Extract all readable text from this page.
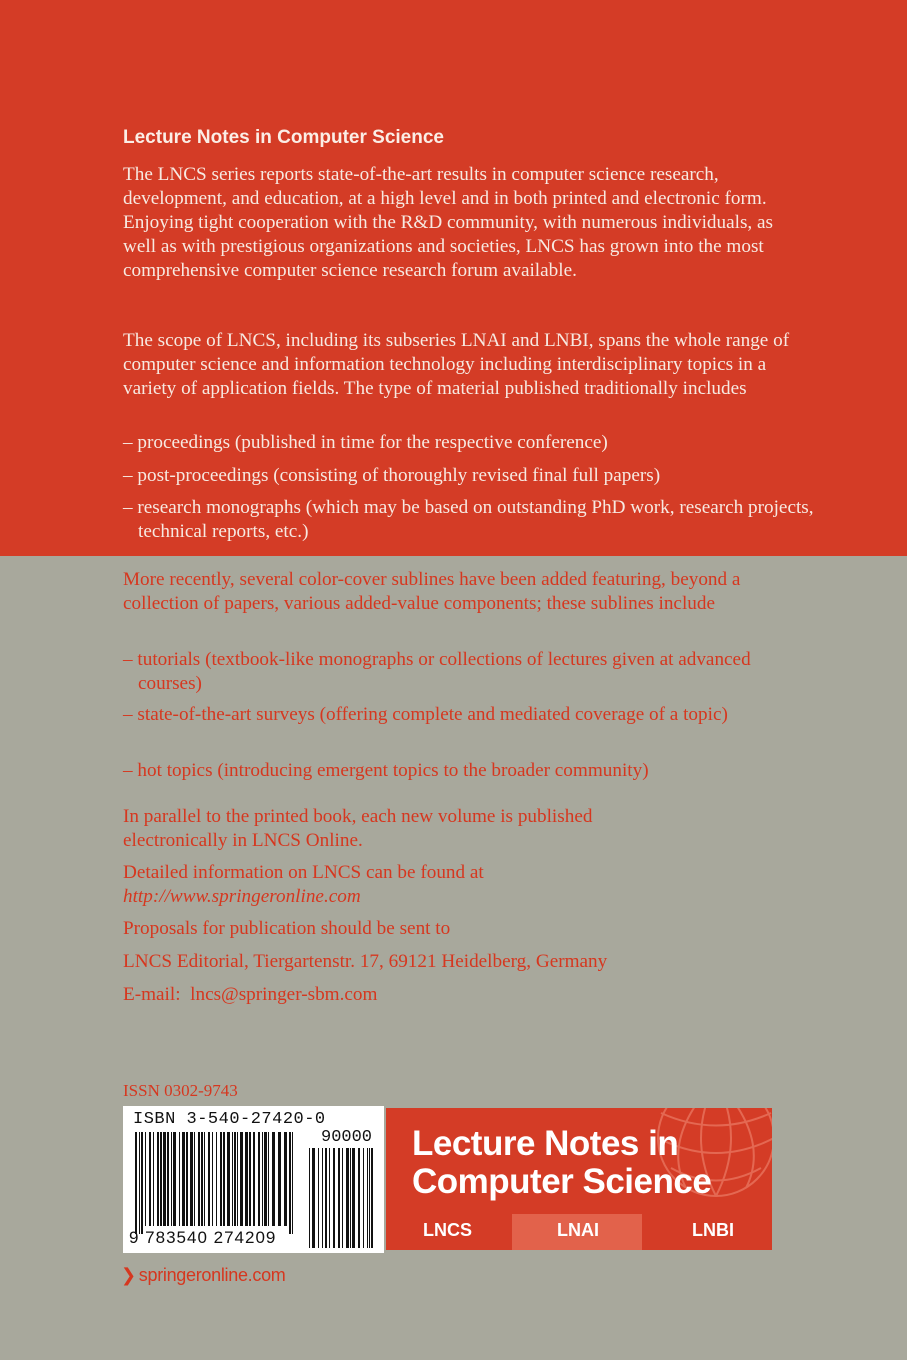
Lecture Notes in Computer Science
The LNCS series reports state-of-the-art results in computer science research, development, and education, at a high level and in both printed and electronic form. Enjoying tight cooperation with the R&D community, with numerous individuals, as well as with prestigious organizations and societies, LNCS has grown into the most comprehensive computer science research forum available.
The scope of LNCS, including its subseries LNAI and LNBI, spans the whole range of computer science and information technology including interdisciplinary topics in a variety of application fields. The type of material published traditionally includes
– proceedings (published in time for the respective conference)
– post-proceedings (consisting of thoroughly revised final full papers)
– research monographs (which may be based on outstanding PhD work, research projects, technical reports, etc.)
More recently, several color-cover sublines have been added featuring, beyond a collection of papers, various added-value components; these sublines include
– tutorials (textbook-like monographs or collections of lectures given at advanced courses)
– state-of-the-art surveys (offering complete and mediated coverage of a topic)
– hot topics (introducing emergent topics to the broader community)
In parallel to the printed book, each new volume is published electronically in LNCS Online.
Detailed information on LNCS can be found at
http://www.springeronline.com
Proposals for publication should be sent to
LNCS Editorial, Tiergartenstr. 17, 69121 Heidelberg, Germany
E-mail: lncs@springer-sbm.com
ISSN 0302-9743
ISBN 3-540-27420-0
90000
9 783540 274209
Lecture Notes in
Computer Science
LNCS	LNAI	LNBI
❯ springeronline.com
